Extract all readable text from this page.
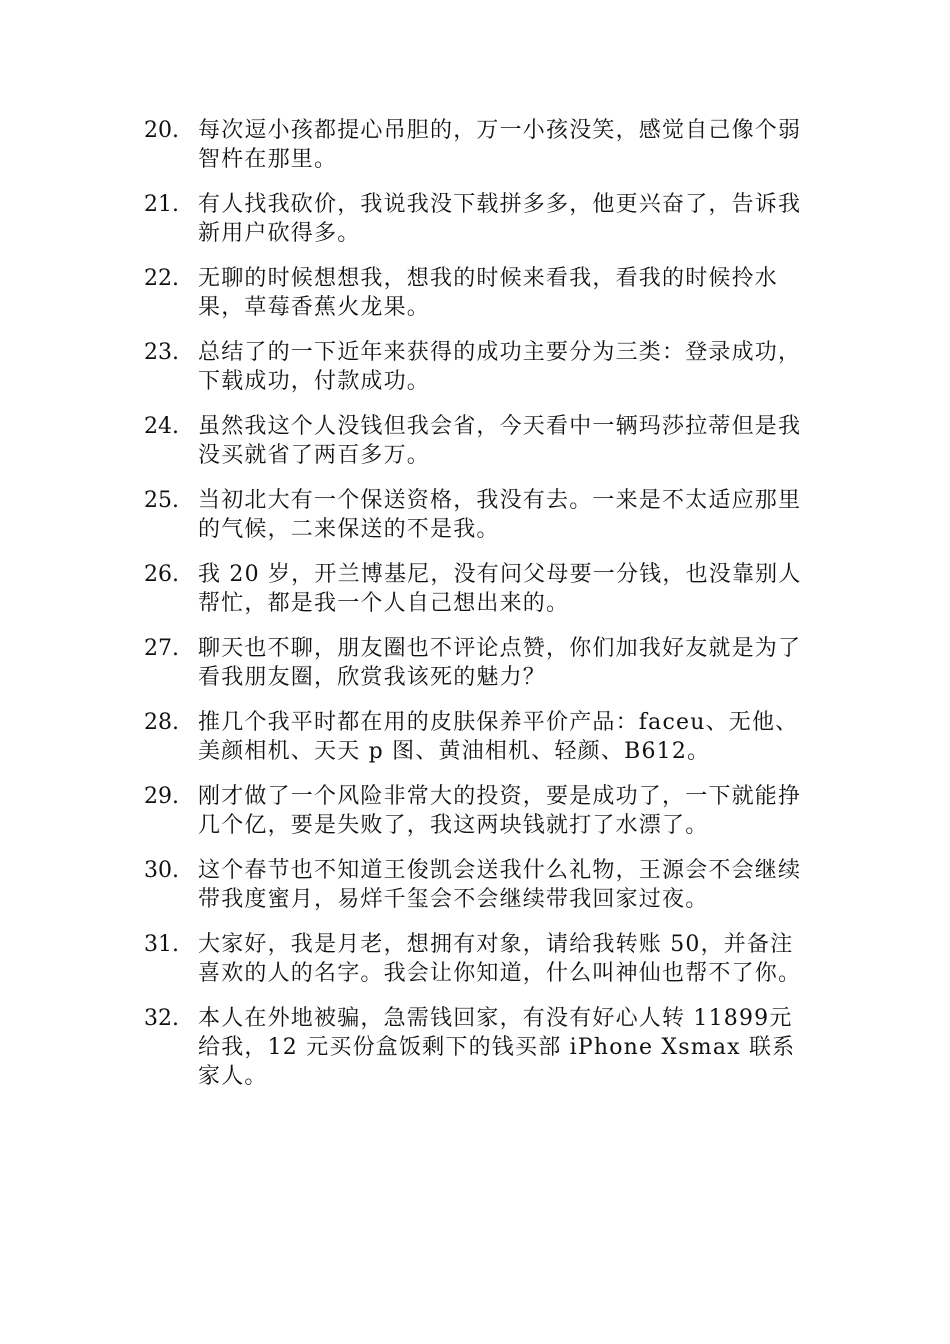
20. 每次逗小孩都提心吊胆的，万一小孩没笑，感觉自己像个弱智杵在那里。
21. 有人找我砍价，我说我没下载拼多多，他更兴奋了，告诉我新用户砍得多。
22. 无聊的时候想想我，想我的时候来看我，看我的时候拎水果，草莓香蕉火龙果。
23. 总结了的一下近年来获得的成功主要分为三类：登录成功，下载成功，付款成功。
24. 虽然我这个人没钱但我会省，今天看中一辆玛莎拉蒂但是我没买就省了两百多万。
25. 当初北大有一个保送资格，我没有去。一来是不太适应那里的气候，二来保送的不是我。
26. 我 20 岁，开兰博基尼，没有问父母要一分钱，也没靠别人帮忙，都是我一个人自己想出来的。
27. 聊天也不聊，朋友圈也不评论点赞，你们加我好友就是为了看我朋友圈，欣赏我该死的魅力？
28. 推几个我平时都在用的皮肤保养平价产品：faceu、无他、美颜相机、天天 p 图、黄油相机、轻颜、B612。
29. 刚才做了一个风险非常大的投资，要是成功了，一下就能挣几个亿，要是失败了，我这两块钱就打了水漂了。
30. 这个春节也不知道王俊凯会送我什么礼物，王源会不会继续带我度蜜月，易烊千玺会不会继续带我回家过夜。
31. 大家好，我是月老，想拥有对象，请给我转账 50，并备注喜欢的人的名字。我会让你知道，什么叫神仙也帮不了你。
32. 本人在外地被骗，急需钱回家，有没有好心人转 11899元给我，12 元买份盒饭剩下的钱买部 iPhone Xsmax 联系家人。
